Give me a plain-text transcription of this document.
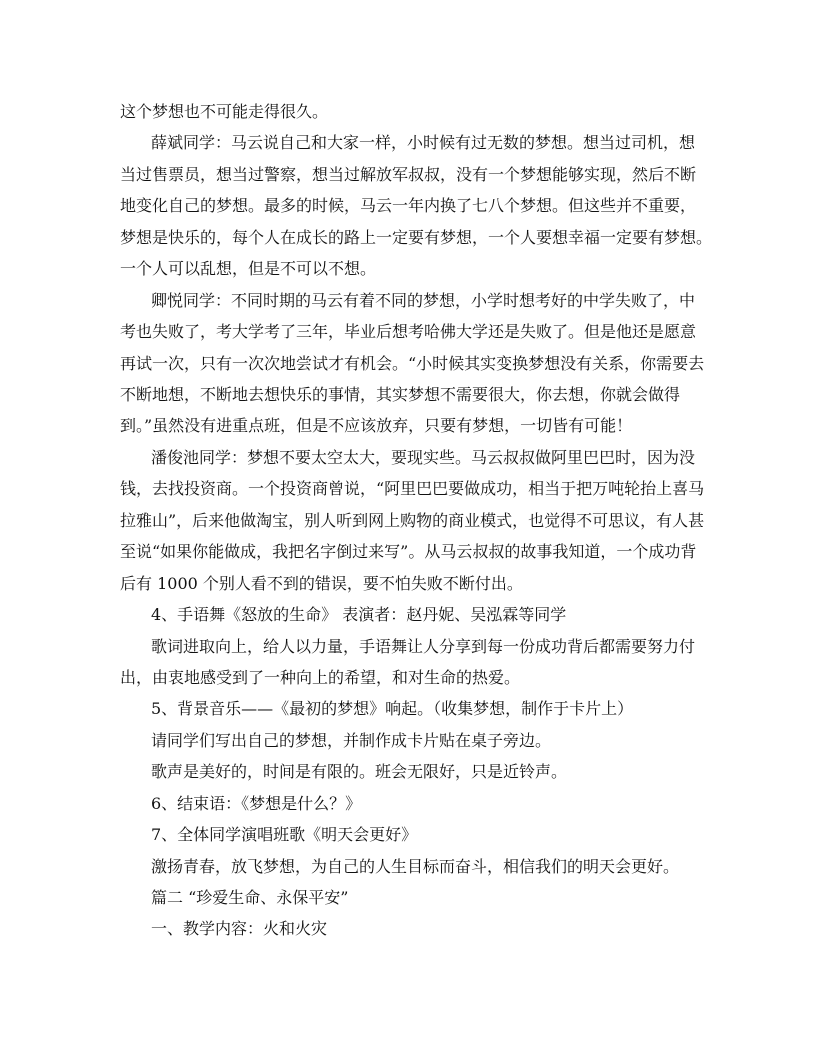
这个梦想也不可能走得很久。
薛斌同学：马云说自己和大家一样，小时候有过无数的梦想。想当过司机，想
当过售票员，想当过警察，想当过解放军叔叔，没有一个梦想能够实现，然后不断
地变化自己的梦想。最多的时候，马云一年内换了七八个梦想。但这些并不重要，
梦想是快乐的，每个人在成长的路上一定要有梦想，一个人要想幸福一定要有梦想。
一个人可以乱想，但是不可以不想。
卿悦同学：不同时期的马云有着不同的梦想，小学时想考好的中学失败了，中
考也失败了，考大学考了三年，毕业后想考哈佛大学还是失败了。但是他还是愿意
再试一次，只有一次次地尝试才有机会。“小时候其实变换梦想没有关系，你需要去
不断地想，不断地去想快乐的事情，其实梦想不需要很大，你去想，你就会做得
到。”虽然没有进重点班，但是不应该放弃，只要有梦想，一切皆有可能！
潘俊池同学：梦想不要太空太大，要现实些。马云叔叔做阿里巴巴时，因为没
钱，去找投资商。一个投资商曾说，“阿里巴巴要做成功，相当于把万吨轮抬上喜马
拉雅山”，后来他做淘宝，别人听到网上购物的商业模式，也觉得不可思议，有人甚
至说“如果你能做成，我把名字倒过来写”。从马云叔叔的故事我知道，一个成功背
后有 1000 个别人看不到的错误，要不怕失败不断付出。
4、手语舞《怒放的生命》 表演者：赵丹妮、吴泓霖等同学
歌词进取向上，给人以力量，手语舞让人分享到每一份成功背后都需要努力付
出，由衷地感受到了一种向上的希望，和对生命的热爱。
5、背景音乐——《最初的梦想》响起。（收集梦想，制作于卡片上）
请同学们写出自己的梦想，并制作成卡片贴在桌子旁边。
歌声是美好的，时间是有限的。班会无限好，只是近铃声。
6、结束语：《梦想是什么？》
7、全体同学演唱班歌《明天会更好》
激扬青春，放飞梦想，为自己的人生目标而奋斗，相信我们的明天会更好。
篇二 “珍爱生命、永保平安”
一、教学内容：火和火灾
